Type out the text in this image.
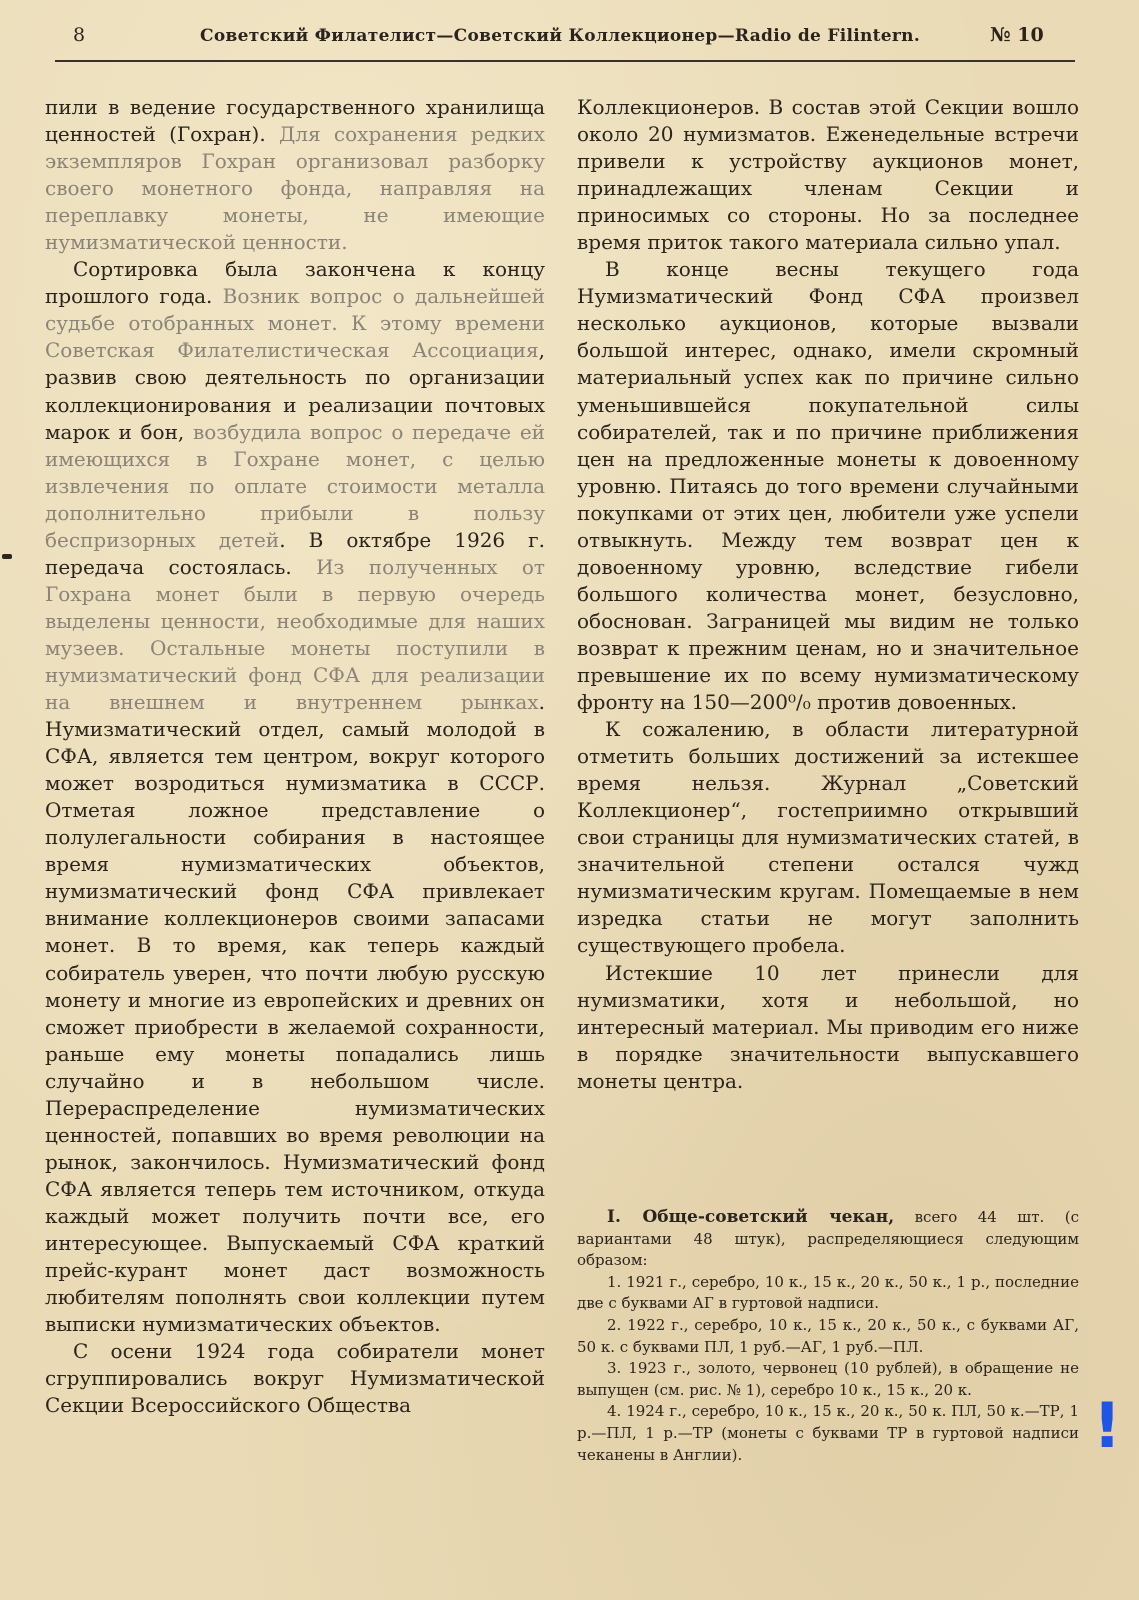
8	Советский Филателист—Советский Коллекционер—Radio de Filintern.	№ 10

пили в ведение государственного хранилища ценностей (Гохран). Для сохранения редких экземпляров Гохран организовал разборку своего монетного фонда, направляя на переплавку монеты, не имеющие нумизматической ценности.

Сортировка была закончена к концу прошлого года. Возник вопрос о дальнейшей судьбе отобранных монет. К этому времени Советская Филателистическая Ассоциация, развив свою деятельность по организации коллекционирования и реализации почтовых марок и бон, возбудила вопрос о передаче ей имеющихся в Гохране монет, с целью извлечения по оплате стоимости металла дополнительно прибыли в пользу беспризорных детей. В октябре 1926 г. передача состоялась. Из полученных от Гохрана монет были в первую очередь выделены ценности, необходимые для наших музеев. Остальные монеты поступили в нумизматический фонд СФА для реализации на внешнем и внутреннем рынках. Нумизматический отдел, самый молодой в СФА, является тем центром, вокруг которого может возродиться нумизматика в СССР. Отметая ложное представление о полулегальности собирания в настоящее время нумизматических объектов, нумизматический фонд СФА привлекает внимание коллекционеров своими запасами монет. В то время, как теперь каждый собиратель уверен, что почти любую русскую монету и многие из европейских и древних он сможет приобрести в желаемой сохранности, раньше ему монеты попадались лишь случайно и в небольшом числе. Перераспределение нумизматических ценностей, попавших во время революции на рынок, закончилось. Нумизматический фонд СФА является теперь тем источником, откуда каждый может получить почти все, его интересующее. Выпускаемый СФА краткий прейс-курант монет даст возможность любителям пополнять свои коллекции путем выписки нумизматических объектов.

С осени 1924 года собиратели монет сгруппировались вокруг Нумизматической Секции Всероссийского Общества

Коллекционеров. В состав этой Секции вошло около 20 нумизматов. Еженедельные встречи привели к устройству аукционов монет, принадлежащих членам Секции и приносимых со стороны. Но за последнее время приток такого материала сильно упал.

В конце весны текущего года Нумизматический Фонд СФА произвел несколько аукционов, которые вызвали большой интерес, однако, имели скромный материальный успех как по причине сильно уменьшившейся покупательной силы собирателей, так и по причине приближения цен на предложенные монеты к довоенному уровню. Питаясь до того времени случайными покупками от этих цен, любители уже успели отвыкнуть. Между тем возврат цен к довоенному уровню, вследствие гибели большого количества монет, безусловно, обоснован. Заграницей мы видим не только возврат к прежним ценам, но и значительное превышение их по всему нумизматическому фронту на 150—200⁰/₀ против довоенных.

К сожалению, в области литературной отметить больших достижений за истекшее время нельзя. Журнал „Советский Коллекционер“, гостеприимно открывший свои страницы для нумизматических статей, в значительной степени остался чужд нумизматическим кругам. Помещаемые в нем изредка статьи не могут заполнить существующего пробела.

Истекшие 10 лет принесли для нумизматики, хотя и небольшой, но интересный материал. Мы приводим его ниже в порядке значительности выпускавшего монеты центра.

I. Обще-советский чекан, всего 44 шт. (с вариантами 48 штук), распределяющиеся следующим образом:

1. 1921 г., серебро, 10 к., 15 к., 20 к., 50 к., 1 р., последние две с буквами АГ в гуртовой надписи.

2. 1922 г., серебро, 10 к., 15 к., 20 к., 50 к., с буквами АГ, 50 к. с буквами ПЛ, 1 руб.—АГ, 1 руб.—ПЛ.

3. 1923 г., золото, червонец (10 рублей), в обращение не выпущен (см. рис. № 1), серебро 10 к., 15 к., 20 к.

4. 1924 г., серебро, 10 к., 15 к., 20 к., 50 к. ПЛ, 50 к.—ТР, 1 р.—ПЛ, 1 р.—ТР (монеты с буквами ТР в гуртовой надписи чеканены в Англии).	!
